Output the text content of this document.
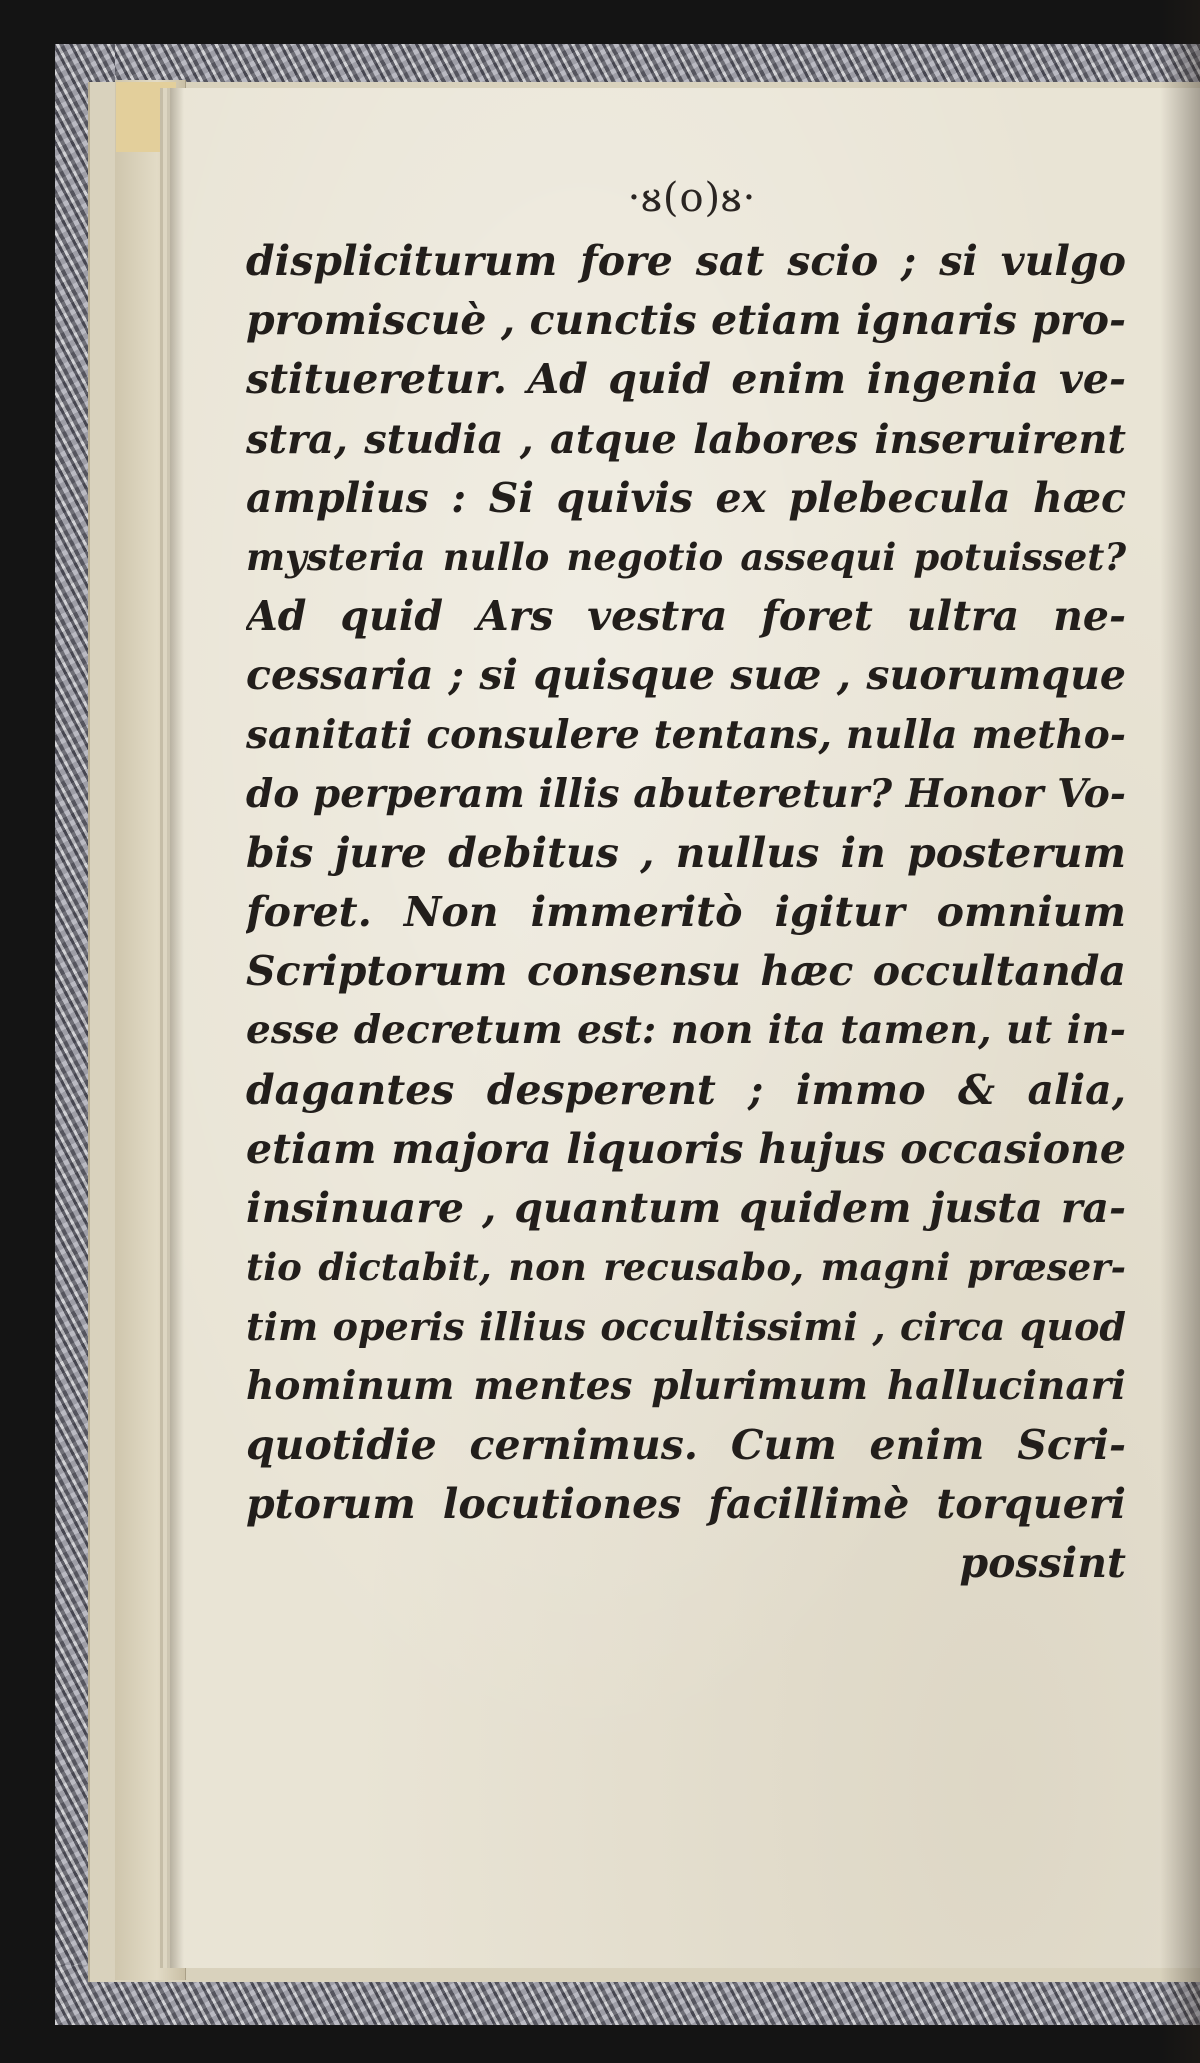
·ᴕ(o)ᴕ·
displiciturum fore sat scio ; si vulgo
promiscuè , cunctis etiam ignaris pro-
stitueretur. Ad quid enim ingenia ve-
stra, studia , atque labores inseruirent
amplius : Si quivis ex plebecula hæc
mysteria nullo negotio assequi potuisset?
Ad quid Ars vestra foret ultra ne-
cessaria ; si quisque suæ , suorumque
sanitati consulere tentans, nulla metho-
do perperam illis abuteretur? Honor Vo-
bis jure debitus , nullus in posterum
foret. Non immeritò igitur omnium
Scriptorum consensu hæc occultanda
esse decretum est: non ita tamen, ut in-
dagantes desperent ; immo & alia,
etiam majora liquoris hujus occasione
insinuare , quantum quidem justa ra-
tio dictabit, non recusabo, magni præser-
tim operis illius occultissimi , circa quod
hominum mentes plurimum hallucinari
quotidie cernimus. Cum enim Scri-
ptorum locutiones facillimè torqueri
possint
